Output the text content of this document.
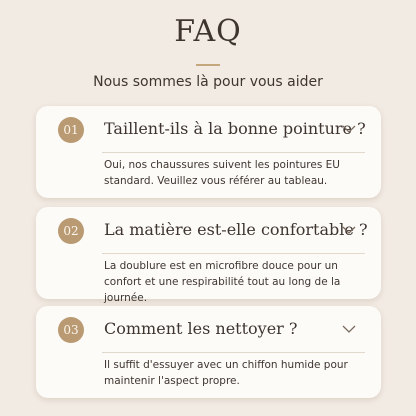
FAQ
Nous sommes là pour vous aider
01	Taillent-ils à la bonne pointure ?
Oui, nos chaussures suivent les pointures EU standard. Veuillez vous référer au tableau.
02	La matière est-elle confortable ?
La doublure est en microfibre douce pour un confort et une respirabilité tout au long de la journée.
03	Comment les nettoyer ?
Il suffit d'essuyer avec un chiffon humide pour maintenir l'aspect propre.
